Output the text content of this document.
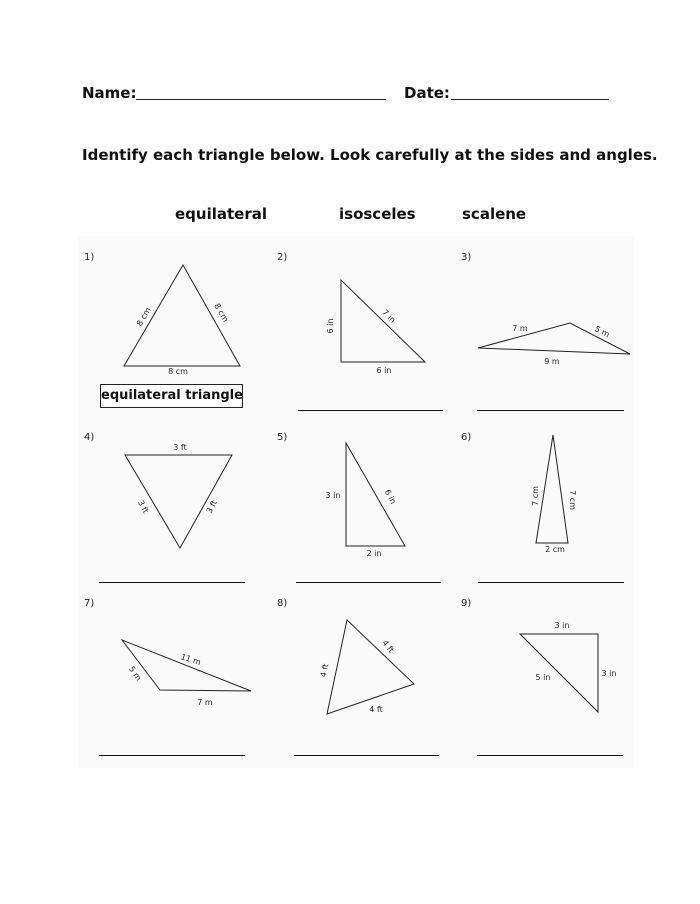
Name:	Date:
Identify each triangle below. Look carefully at the sides and angles.
equilateral	isosceles	scalene
1)	2)	3)
4)	5)	6)
7)	8)	9)
8 cm	8 cm
8 cm
6 in
7 in
6 in
7 m	5 m
9 m
3 ft
3 ft	3 ft
3 in	6 in
2 in
7 cm	7 cm
2 cm
5 m
11 m
7 m
4 ft
4 ft
4 ft
3 in
5 in	3 in
equilateral triangle
